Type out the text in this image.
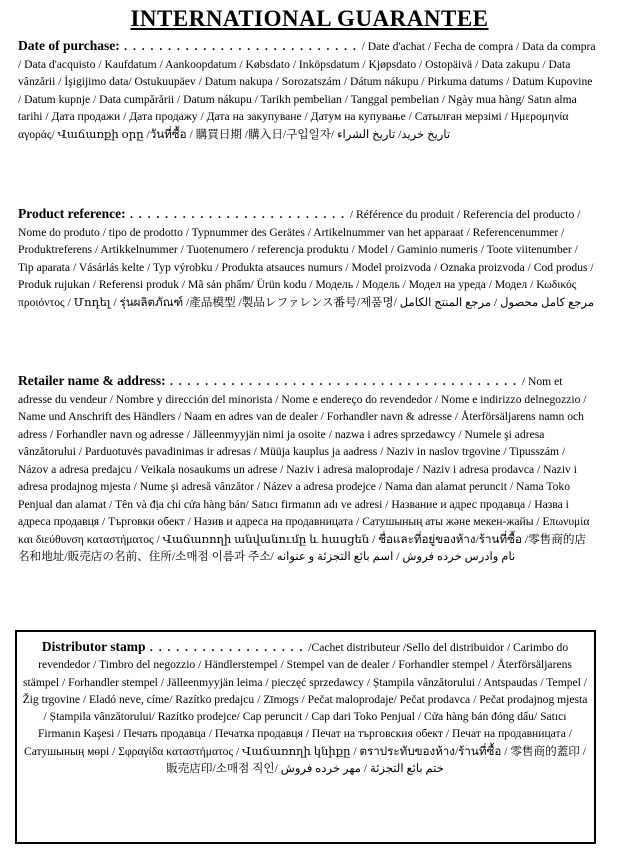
INTERNATIONAL GUARANTEE
Date of purchase: . . . . . . . . . . . . . . . . . . . . . . . . . . . / Date d'achat / Fecha de compra / Data da compra / Data d'acquisto / Kaufdatum / Aankoopdatum / Købsdato / Inköpsdatum / Kjøpsdato / Ostopäivä / Data zakupu / Data vânzării / İşigijimo data/ Ostukuupäev / Datum nakupa / Sorozatszám / Dátum nákupu / Pirkuma datums / Datum Kupovine / Datum kupnje / Data cumpărării / Datum nákupu / Tarikh pembelian / Tanggal pembelian / Ngày mua hàng/ Satın alma tarihi / Дата продажи / Дата продажу / Дата на закупуване / Датум на купување / Сатылған мерзімі / Ημερομηνία αγοράς/ Վաճառքի օրը /วันที่ซื้อ / 購買日期 /購入日/구입일자/ تاريخ خريد/ تاريخ الشراء
Product reference: . . . . . . . . . . . . . . . . . . . . . . . . . / Référence du produit / Referencia del producto / Nome do produto / tipo de prodotto / Typnummer des Gerätes / Artikelnummer van het apparaat / Referencenummer / Produktreferens / Artikkelnummer / Tuotenumero / referencja produktu / Model / Gaminio numeris / Toote viitenumber / Tip aparata / Vásárlás kelte / Typ výrobku / Produkta atsauces numurs / Model proizvoda / Oznaka proizvoda / Cod produs / Produk rujukan / Referensi produk / Mã sản phẩm/ Ürün kodu / Модель / Модель / Модел на уреда / Модел / Κωδικός προιόντος / Մոդել / รุ่นผลิตภัณฑ์ /產品模型 /製品レファレンス番号/제품명/ مرجع كامل محصول / مرجع المنتج الكامل
Retailer name & address: . . . . . . . . . . . . . . . . . . . . . . . . . . . . . . . . . . . . . . . . / Nom et adresse du vendeur / Nombre y dirección del minorista / Nome e endereço do revendedor / Nome e indirizzo delnegozzio / Name und Anschrift des Händlers / Naam en adres van de dealer / Forhandler navn & adresse / Återförsäljarens namn och adress / Forhandler navn og adresse / Jälleenmyyjän nimi ja osoite / nazwa i adres sprzedawcy / Numele şi adresa vânzătorului / Parduotuvės pavadinimas ir adresas / Müüja kauplus ja aadress / Naziv in naslov trgovine / Tipusszám / Názov a adresa predajcu / Veikala nosaukums un adrese / Naziv i adresa maloprodaje / Naziv i adresa prodavca / Naziv i adresa prodajnog mjesta / Nume şi adresă vânzător / Název a adresa prodejce / Nama dan alamat peruncit / Nama Toko Penjual dan alamat / Tên và địa chỉ cửa hàng bán/ Satıcı firmanın adı ve adresi / Название и адрес продавца / Назва і адреса продавця / Търговки обект / Назив и адреса на продавницата / Сатушының аты және мекен-жайы / Επωνυμία και διεύθυνση καταστήματος / Վաճառողի անվանումը և հասցեն / ชื่อและที่อยู่ของห้าง/ร้านที่ซื้อ /零售商的店名和地址/販売店の名前、住所/소매점 이름과 주소/ نام وادرس خرده فروش / اسم بائع التجزئة و عنوانه
Distributor stamp . . . . . . . . . . . . . . . . . . /Cachet distributeur /Sello del distribuidor / Carimbo do revendedor / Timbro del negozzio / Händlerstempel / Stempel van de dealer / Forhandler stempel / Återförsäljarens stämpel / Forhandler stempel / Jälleenmyyjän leima / pieczęć sprzedawcy / Ștampila vânzătorului / Antspaudas / Tempel / Žig trgovine / Eladó neve, címe/ Razítko predajcu / Zīmogs / Pečat maloprodaje/ Pečat prodavca / Pečat prodajnog mjesta / Ștampila vânzătorului/ Razítko prodejce/ Cap peruncit / Cap dari Toko Penjual / Cửa hàng bán đóng dấu/ Satıcı Firmanın Kaşesi / Печать продавца / Печатка продавця / Печат на търговския обект / Печат на продавницата / Сатушының мөрі / Σφραγίδα καταστήματος / Վաճառողի կնիքը / ตราประทับของห้าง/ร้านที่ซื้อ / 零售商的蓋印 /販売店印/소매점 직인/ ختم بائع التجزئة / مهر خرده فروش
